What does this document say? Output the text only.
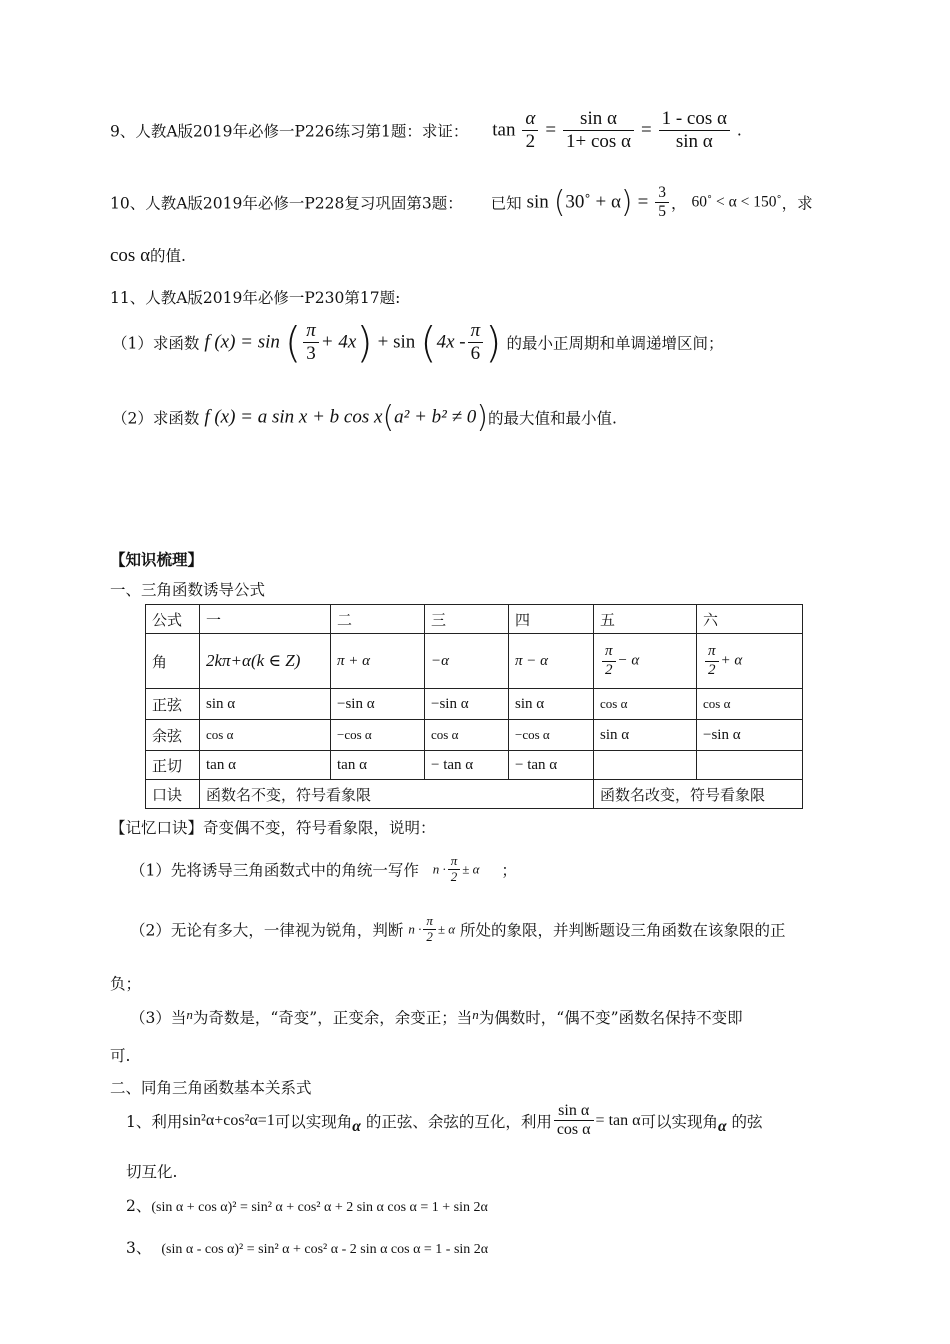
9、人教A版2019年必修一P226练习第1题：求证： $\tan \frac{\alpha}{2} = \frac{\text{sin α}}{\text{1+ cos α}} = \frac{\text{1 - cos α}}{\text{sin α}}$ .
10、人教A版2019年必修一P228复习巩固第3题： 已知 sin (30˚ + $\alpha) = \frac{3}{5}$ ， 60˚ < α < 150˚，求
cos α的值.
11、人教A版2019年必修一P230第17题:
（1）求函数 f (x) = sin ( $\frac{\pi}{3} + 4x) + \sin (4x - \frac{\pi}{6}$ ) 的最小正周期和单调递增区间；
（2）求函数 f (x) = a sin x + b cos x(a² + b² ≠ 0)的最大值和最小值.
【知识梳理】
一、三角函数诱导公式
公式	一	二	三	四	五	六
角	2kπ+α(k ∈ Z)	π + α	−α	π − α	$\frac{\pi}{2} - \alpha$	$\frac{\pi}{2} + \alpha$
正弦	sin α	−sin α	−sin α	sin α	cos α	cos α
余弦	cos α	−cos α	cos α	−cos α	sin α	−sin α
正切	tan α	tan α	− tan α	− tan α		
口诀	函数名不变，符号看象限				函数名改变，符号看象限	
【记忆口诀】奇变偶不变，符号看象限，说明：
（1）先将诱导三角函数式中的角统一写作 $n \cdot \frac{\pi}{2} \pm \alpha$ ；
（2）无论有多大，一律视为锐角，判断 $n \cdot \frac{\pi}{2} \pm \alpha$ 所处的象限，并判断题设三角函数在该象限的正
负；
（3）当$^n$为奇数是，“奇变”，正变余，余变正；当$^n$为偶数时，“偶不变”函数名保持不变即
可.
二、同角三角函数基本关系式
1、利用sin²α+cos²α=1可以实现角α 的正弦、余弦的互化，利用 $\frac{\text{sin α}}{\text{cos α}} = \tan \alpha$可以实现角α 的弦
切互化.
2、(sin α + cos α)² = sin² α + cos² α + 2 sin α cos α = 1 + sin 2α
3、 (sin α - cos α)² = sin² α + cos² α - 2 sin α cos α = 1 - sin 2α
